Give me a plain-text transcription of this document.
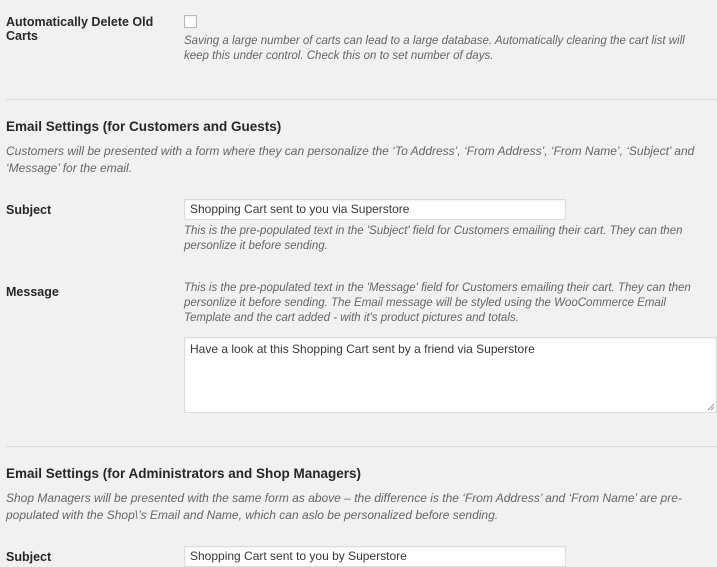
Automatically Delete Old Carts	Saving a large number of carts can lead to a large database. Automatically clearing the cart list will keep this under control. Check this on to set number of days.
Email Settings (for Customers and Guests)
Customers will be presented with a form where they can personalize the ‘To Address’, ‘From Address’, ‘From Name’, ‘Subject’ and ‘Message’ for the email.
Subject	Shopping Cart sent to you via Superstore
This is the pre-populated text in the 'Subject' field for Customers emailing their cart. They can then personlize it before sending.
Message	This is the pre-populated text in the 'Message' field for Customers emailing their cart. They can then personlize it before sending. The Email message will be styled using the WooCommerce Email Template and the cart added - with it's product pictures and totals.
Have a look at this Shopping Cart sent by a friend via Superstore
Email Settings (for Administrators and Shop Managers)
Shop Managers will be presented with the same form as above – the difference is the ‘From Address’ and ‘From Name’ are pre-populated with the Shop\’s Email and Name, which can aslo be personalized before sending.
Subject	Shopping Cart sent to you by Superstore
